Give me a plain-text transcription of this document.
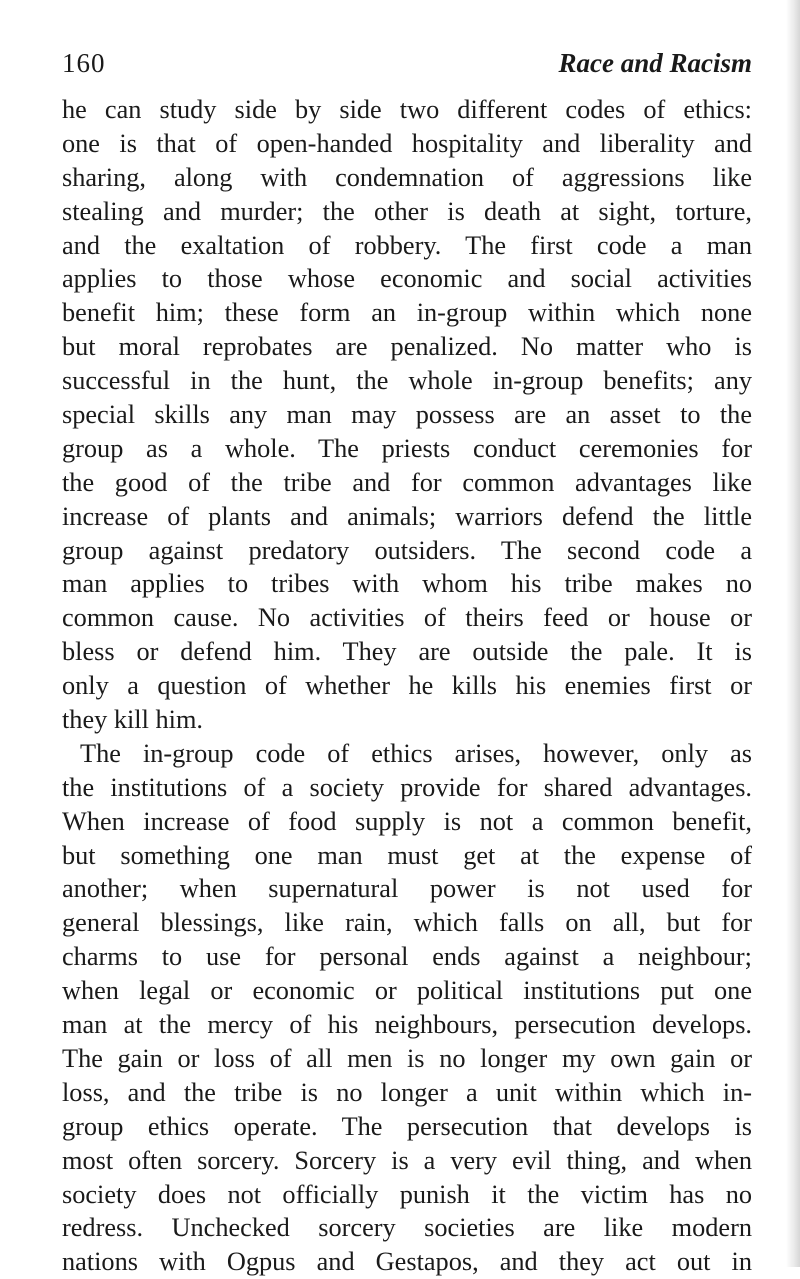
160	Race and Racism
he can study side by side two different codes of ethics:
one is that of open-handed hospitality and liberality and
sharing, along with condemnation of aggressions like
stealing and murder; the other is death at sight, torture,
and the exaltation of robbery. The first code a man
applies to those whose economic and social activities
benefit him; these form an in-group within which none
but moral reprobates are penalized. No matter who is
successful in the hunt, the whole in-group benefits; any
special skills any man may possess are an asset to the
group as a whole. The priests conduct ceremonies for
the good of the tribe and for common advantages like
increase of plants and animals; warriors defend the little
group against predatory outsiders. The second code a
man applies to tribes with whom his tribe makes no
common cause. No activities of theirs feed or house or
bless or defend him. They are outside the pale. It is
only a question of whether he kills his enemies first or
they kill him.
The in-group code of ethics arises, however, only as
the institutions of a society provide for shared advantages.
When increase of food supply is not a common benefit,
but something one man must get at the expense of
another; when supernatural power is not used for
general blessings, like rain, which falls on all, but for
charms to use for personal ends against a neighbour;
when legal or economic or political institutions put one
man at the mercy of his neighbours, persecution develops.
The gain or loss of all men is no longer my own gain or
loss, and the tribe is no longer a unit within which in-
group ethics operate. The persecution that develops is
most often sorcery. Sorcery is a very evil thing, and when
society does not officially punish it the victim has no
redress. Unchecked sorcery societies are like modern
nations with Ogpus and Gestapos, and they act out in
